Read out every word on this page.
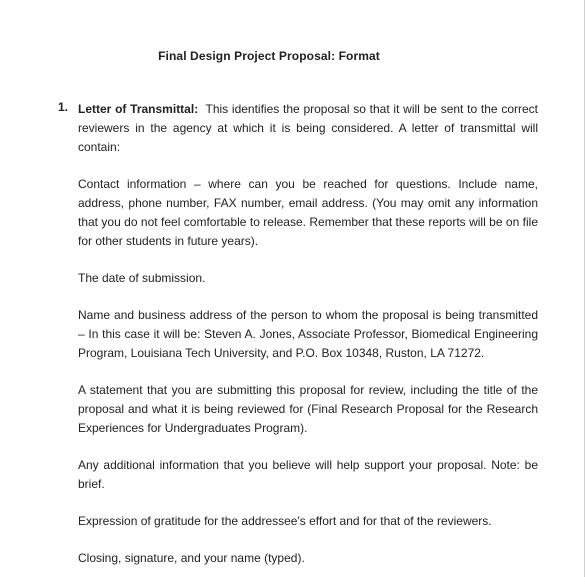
Final Design Project Proposal: Format
1. Letter of Transmittal: This identifies the proposal so that it will be sent to the correct reviewers in the agency at which it is being considered. A letter of transmittal will contain:

Contact information – where can you be reached for questions. Include name, address, phone number, FAX number, email address. (You may omit any information that you do not feel comfortable to release. Remember that these reports will be on file for other students in future years).

The date of submission.

Name and business address of the person to whom the proposal is being transmitted – In this case it will be: Steven A. Jones, Associate Professor, Biomedical Engineering Program, Louisiana Tech University, and P.O. Box 10348, Ruston, LA 71272.

A statement that you are submitting this proposal for review, including the title of the proposal and what it is being reviewed for (Final Research Proposal for the Research Experiences for Undergraduates Program).

Any additional information that you believe will help support your proposal. Note: be brief.

Expression of gratitude for the addressee's effort and for that of the reviewers.

Closing, signature, and your name (typed).
